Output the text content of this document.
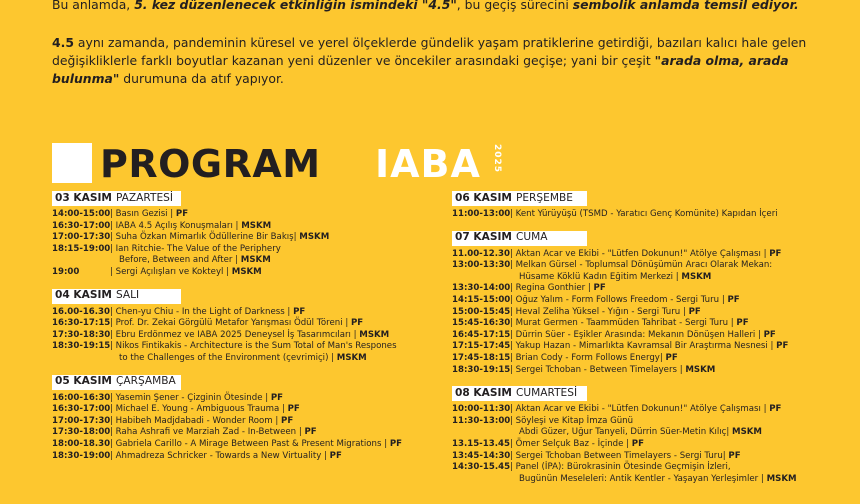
Bu anlamda, 5. kez düzenlenecek etkinliğin ismindeki "4.5", bu geçiş sürecini sembolik anlamda temsil ediyor.
4.5 aynı zamanda, pandeminin küresel ve yerel ölçeklerde gündelik yaşam pratiklerine getirdiği, bazıları kalıcı hale gelen değişikliklerle farklı boyutlar kazanan yeni düzenler ve öncekiler arasındaki geçişe; yani bir çeşit "arada olma, arada bulunma" durumuna da atıf yapıyor.
PROGRAM IABA 2025
03 KASIM PAZARTESİ
14:00-15:00 | Basın Gezisi | PF
16:30-17:00 | IABA 4.5 Açılış Konuşmaları | MSKM
17:00-17:30 | Suha Özkan Mimarlık Ödüllerine Bir Bakış| MSKM
18:15-19:00 | Ian Ritchie- The Value of the Periphery
Before, Between and After | MSKM
19:00	| Sergi Açılışları ve Kokteyl | MSKM
04 KASIM SALI
16.00-16.30 | Chen-yu Chiu - In the Light of Darkness | PF
16:30-17:15 | Prof. Dr. Zekai Görgülü Metafor Yarışması Ödül Töreni | PF
17:30-18:30 | Ebru Erdönmez ve IABA 2025 Deneysel İş Tasarımcıları | MSKM
18:30-19:15 | Nikos Fintikakis - Architecture is the Sum Total of Man's Respones
to the Challenges of the Environment (çevrimiçi) | MSKM
05 KASIM ÇARŞAMBA
16:00-16:30 | Yasemin Şener - Çizginin Ötesinde | PF
16:30-17:00 | Michael E. Young - Ambiguous Trauma | PF
17:00-17:30 | Habibeh Madjdabadi - Wonder Room | PF
17:30-18:00 | Raha Ashrafi ve Marziah Zad - In-Between | PF
18:00-18.30 | Gabriela Carillo - A Mirage Between Past & Present Migrations | PF
18:30-19:00 | Ahmadreza Schricker - Towards a New Virtuality | PF
06 KASIM PERŞEMBE
11:00-13:00 | Kent Yürüyüşü (TSMD - Yaratıcı Genç Komünite) Kapıdan İçeri
07 KASIM CUMA
11.00-12.30 | Aktan Acar ve Ekibi - "Lütfen Dokunun!" Atölye Çalışması | PF
13:00-13:30 | Melkan Gürsel - Toplumsal Dönüşümün Aracı Olarak Mekan:
Hüsame Köklü Kadın Eğitim Merkezi | MSKM
13:30-14:00 | Regina Gonthier | PF
14:15-15:00 | Oğuz Yalım - Form Follows Freedom - Sergi Turu | PF
15:00-15:45 | Heval Zeliha Yüksel - Yığın - Sergi Turu | PF
15:45-16:30 | Murat Germen - Taammüden Tahribat - Sergi Turu | PF
16:45-17:15 | Dürrin Süer - Eşikler Arasında: Mekanın Dönüşen Halleri | PF
17:15-17:45 | Yakup Hazan - Mimarlıkta Kavramsal Bir Araştırma Nesnesi | PF
17:45-18:15 | Brian Cody - Form Follows Energy| PF
18:30-19:15 | Sergei Tchoban - Between Timelayers | MSKM
08 KASIM CUMARTESİ
10:00-11:30 | Aktan Acar ve Ekibi - "Lütfen Dokunun!" Atölye Çalışması | PF
11:30-13:00 | Söyleşi ve Kitap İmza Günü
Abdi Güzer, Uğur Tanyeli, Dürrin Süer-Metin Kılıç| MSKM
13.15-13.45 | Ömer Selçuk Baz - İçinde | PF
13:45-14:30 | Sergei Tchoban Between Timelayers - Sergi Turu| PF
14:30-15.45 | Panel (İPA): Bürokrasinin Ötesinde Geçmişin İzleri,
Bugünün Meseleleri: Antik Kentler - Yaşayan Yerleşimler | MSKM
